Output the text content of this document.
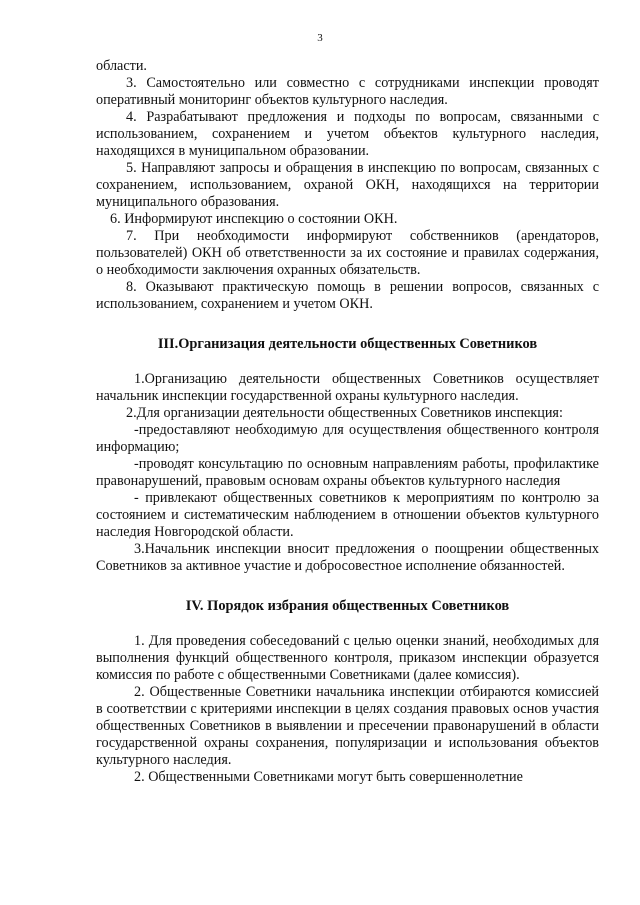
3

области.

3. Самостоятельно или совместно с сотрудниками инспекции проводят оперативный мониторинг объектов культурного наследия.

4. Разрабатывают предложения и подходы по вопросам, связанными с использованием, сохранением и учетом объектов культурного наследия, находящихся в муниципальном образовании.

5. Направляют запросы и обращения в инспекцию по вопросам, связанных с сохранением, использованием, охраной ОКН, находящихся на территории муниципального образования.

6. Информируют инспекцию о состоянии ОКН.

7. При необходимости информируют собственников (арендаторов, пользователей) ОКН об ответственности за их состояние и правилах содержания, о необходимости заключения охранных обязательств.

8. Оказывают практическую помощь в решении вопросов, связанных с использованием, сохранением и учетом ОКН.

III.Организация деятельности общественных Советников

1.Организацию деятельности общественных Советников осуществляет начальник инспекции государственной охраны культурного наследия.

2.Для организации деятельности общественных Советников инспекция:

-предоставляют необходимую для осуществления общественного контроля информацию;

-проводят консультацию по основным направлениям работы, профилактике правонарушений, правовым основам охраны объектов культурного наследия

- привлекают общественных советников к мероприятиям по контролю за состоянием и систематическим наблюдением в отношении объектов культурного наследия Новгородской области.

3.Начальник инспекции вносит предложения о поощрении общественных Советников за активное участие и добросовестное исполнение обязанностей.

IV. Порядок избрания общественных Советников

1. Для проведения собеседований с целью оценки знаний, необходимых для выполнения функций общественного контроля, приказом инспекции образуется комиссия по работе с общественными Советниками (далее комиссия).

2. Общественные Советники начальника инспекции отбираются комиссией в соответствии с критериями инспекции в целях создания правовых основ участия общественных Советников в выявлении и пресечении правонарушений в области государственной охраны сохранения, популяризации и использования объектов культурного наследия.

2. Общественными Советниками могут быть совершеннолетние
